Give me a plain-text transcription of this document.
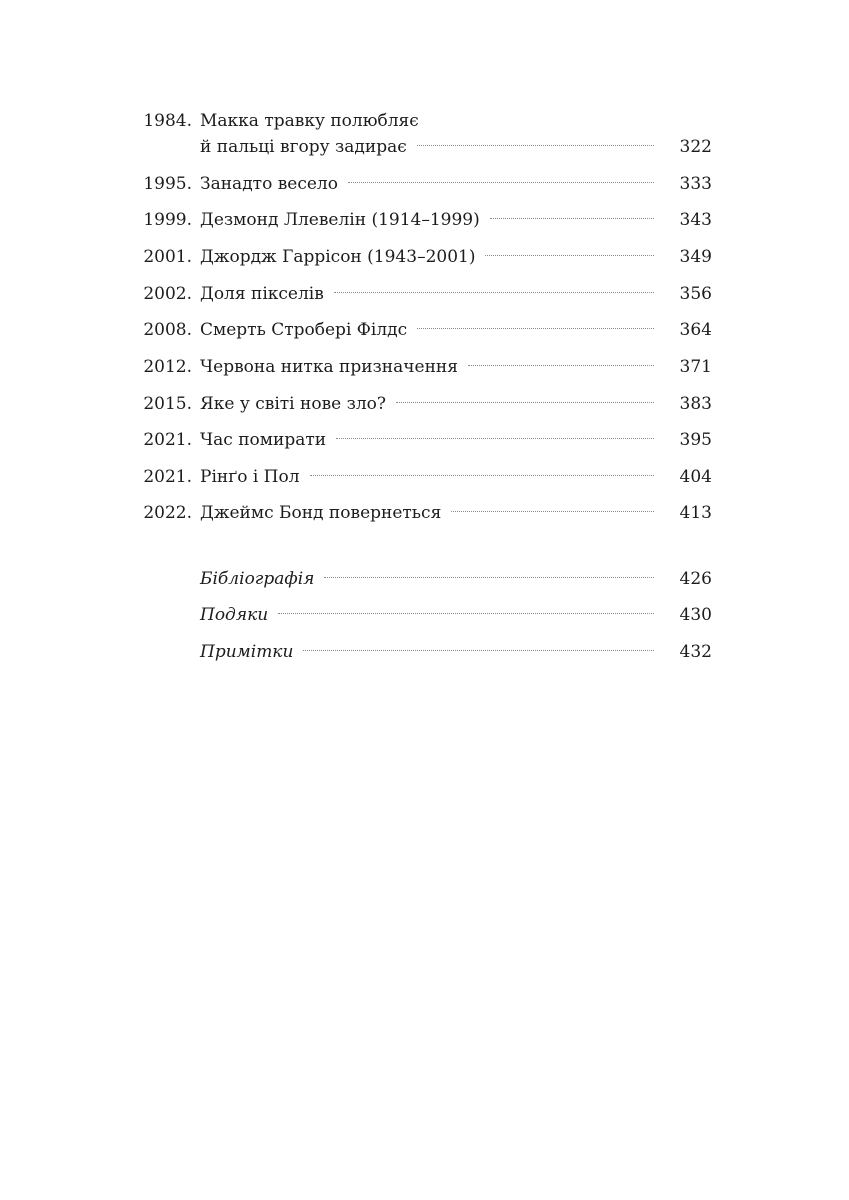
1984. Макка травку полюбляє
й пальці вгору задирає	322
1995. Занадто весело	333
1999. Дезмонд Ллевелін (1914–1999)	343
2001. Джордж Гаррісон (1943–2001)	349
2002. Доля пікселів	356
2008. Смерть Строберi Філдс	364
2012. Червона нитка призначення	371
2015. Яке у світі нове зло?	383
2021. Час помирати	395
2021. Рінґо і Пол	404
2022. Джеймс Бонд повернеться	413
Бібліографія	426
Подяки	430
Примітки	432
